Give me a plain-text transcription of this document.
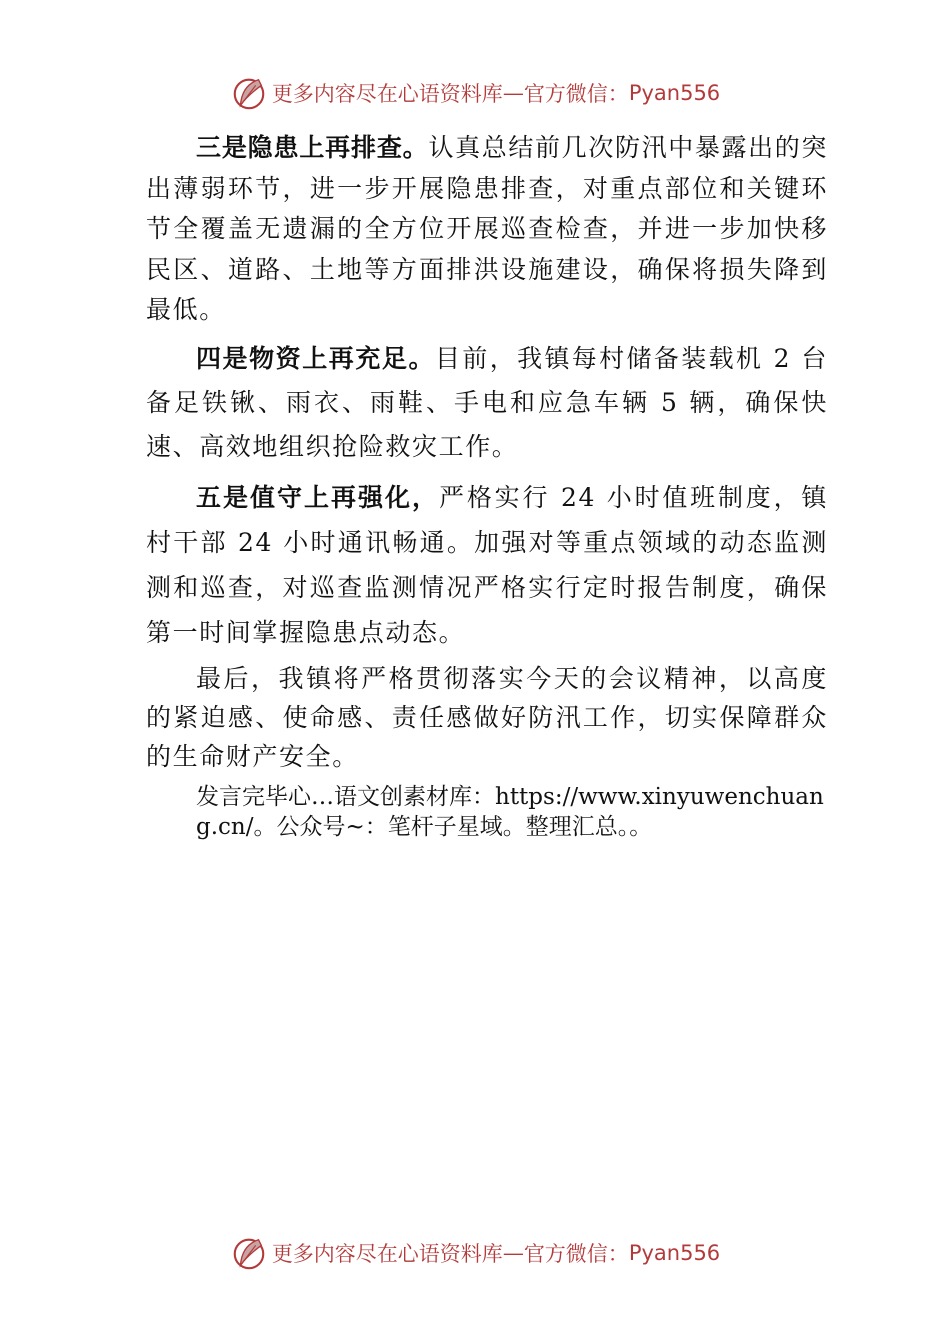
更多内容尽在心语资料库 — 官方微信： Pyan556

三是隐患上再排查。认真总结前几次防汛中暴露出的突出薄弱环节，进一步开展隐患排查，对重点部位和关键环节全覆盖无遗漏的全方位开展巡查检查，并进一步加快移民区、道路、土地等方面排洪设施建设，确保将损失降到最低。

四是物资上再充足。目前，我镇每村储备装载机 2 台备足铁锹、雨衣、雨鞋、手电和应急车辆 5 辆，确保快速、高效地组织抢险救灾工作。

五是值守上再强化，严格实行 24 小时值班制度，镇村干部 24 小时通讯畅通。加强对等重点领域的动态监测测和巡查，对巡查监测情况严格实行定时报告制度，确保第一时间掌握隐患点动态。

最后，我镇将严格贯彻落实今天的会议精神，以高度的紧迫感、使命感、责任感做好防汛工作，切实保障群众的生命财产安全。

发言完毕心…语文创素材库：https://www.xinyuwenchuang.cn/。公众号~：笔杆子星域。整理汇总。。
更多内容尽在心语资料库 — 官方微信： Pyan556
